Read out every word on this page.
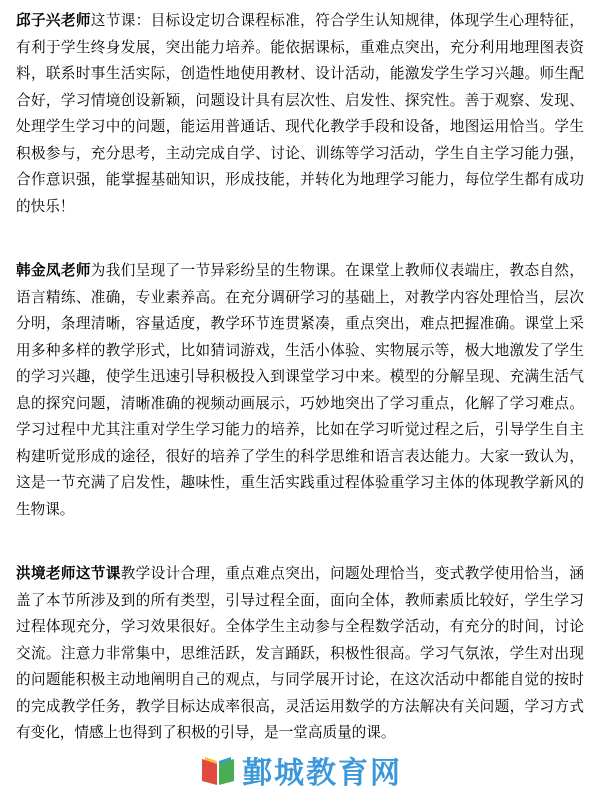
邱子兴老师这节课：目标设定切合课程标准，符合学生认知规律，体现学生心理特征，有利于学生终身发展，突出能力培养。能依据课标，重难点突出，充分利用地理图表资料，联系时事生活实际，创造性地使用教材、设计活动，能激发学生学习兴趣。师生配合好，学习情境创设新颖，问题设计具有层次性、启发性、探究性。善于观察、发现、处理学生学习中的问题，能运用普通话、现代化教学手段和设备，地图运用恰当。学生积极参与，充分思考，主动完成自学、讨论、训练等学习活动，学生自主学习能力强，合作意识强，能掌握基础知识，形成技能，并转化为地理学习能力，每位学生都有成功的快乐！

韩金凤老师为我们呈现了一节异彩纷呈的生物课。在课堂上教师仪表端庄，教态自然，语言精练、准确，专业素养高。在充分调研学习的基础上，对教学内容处理恰当，层次分明，条理清晰，容量适度，教学环节连贯紧凑，重点突出，难点把握准确。课堂上采用多种多样的教学形式，比如猜词游戏，生活小体验、实物展示等，极大地激发了学生的学习兴趣，使学生迅速引导积极投入到课堂学习中来。模型的分解呈现、充满生活气息的探究问题，清晰准确的视频动画展示，巧妙地突出了学习重点，化解了学习难点。学习过程中尤其注重对学生学习能力的培养，比如在学习听觉过程之后，引导学生自主构建听觉形成的途径，很好的培养了学生的科学思维和语言表达能力。大家一致认为，这是一节充满了启发性，趣味性，重生活实践重过程体验重学习主体的体现教学新风的生物课。

洪境老师这节课教学设计合理，重点难点突出，问题处理恰当，变式教学使用恰当，涵盖了本节所涉及到的所有类型，引导过程全面，面向全体，教师素质比较好，学生学习过程体现充分，学习效果很好。全体学生主动参与全程数学活动，有充分的时间，讨论交流。注意力非常集中，思维活跃，发言踊跃，积极性很高。学习气氛浓，学生对出现的问题能积极主动地阐明自己的观点，与同学展开讨论，在这次活动中都能自觉的按时的完成教学任务，教学目标达成率很高，灵活运用数学的方法解决有关问题，学习方式有变化，情感上也得到了积极的引导，是一堂高质量的课。

鄞城教育网
